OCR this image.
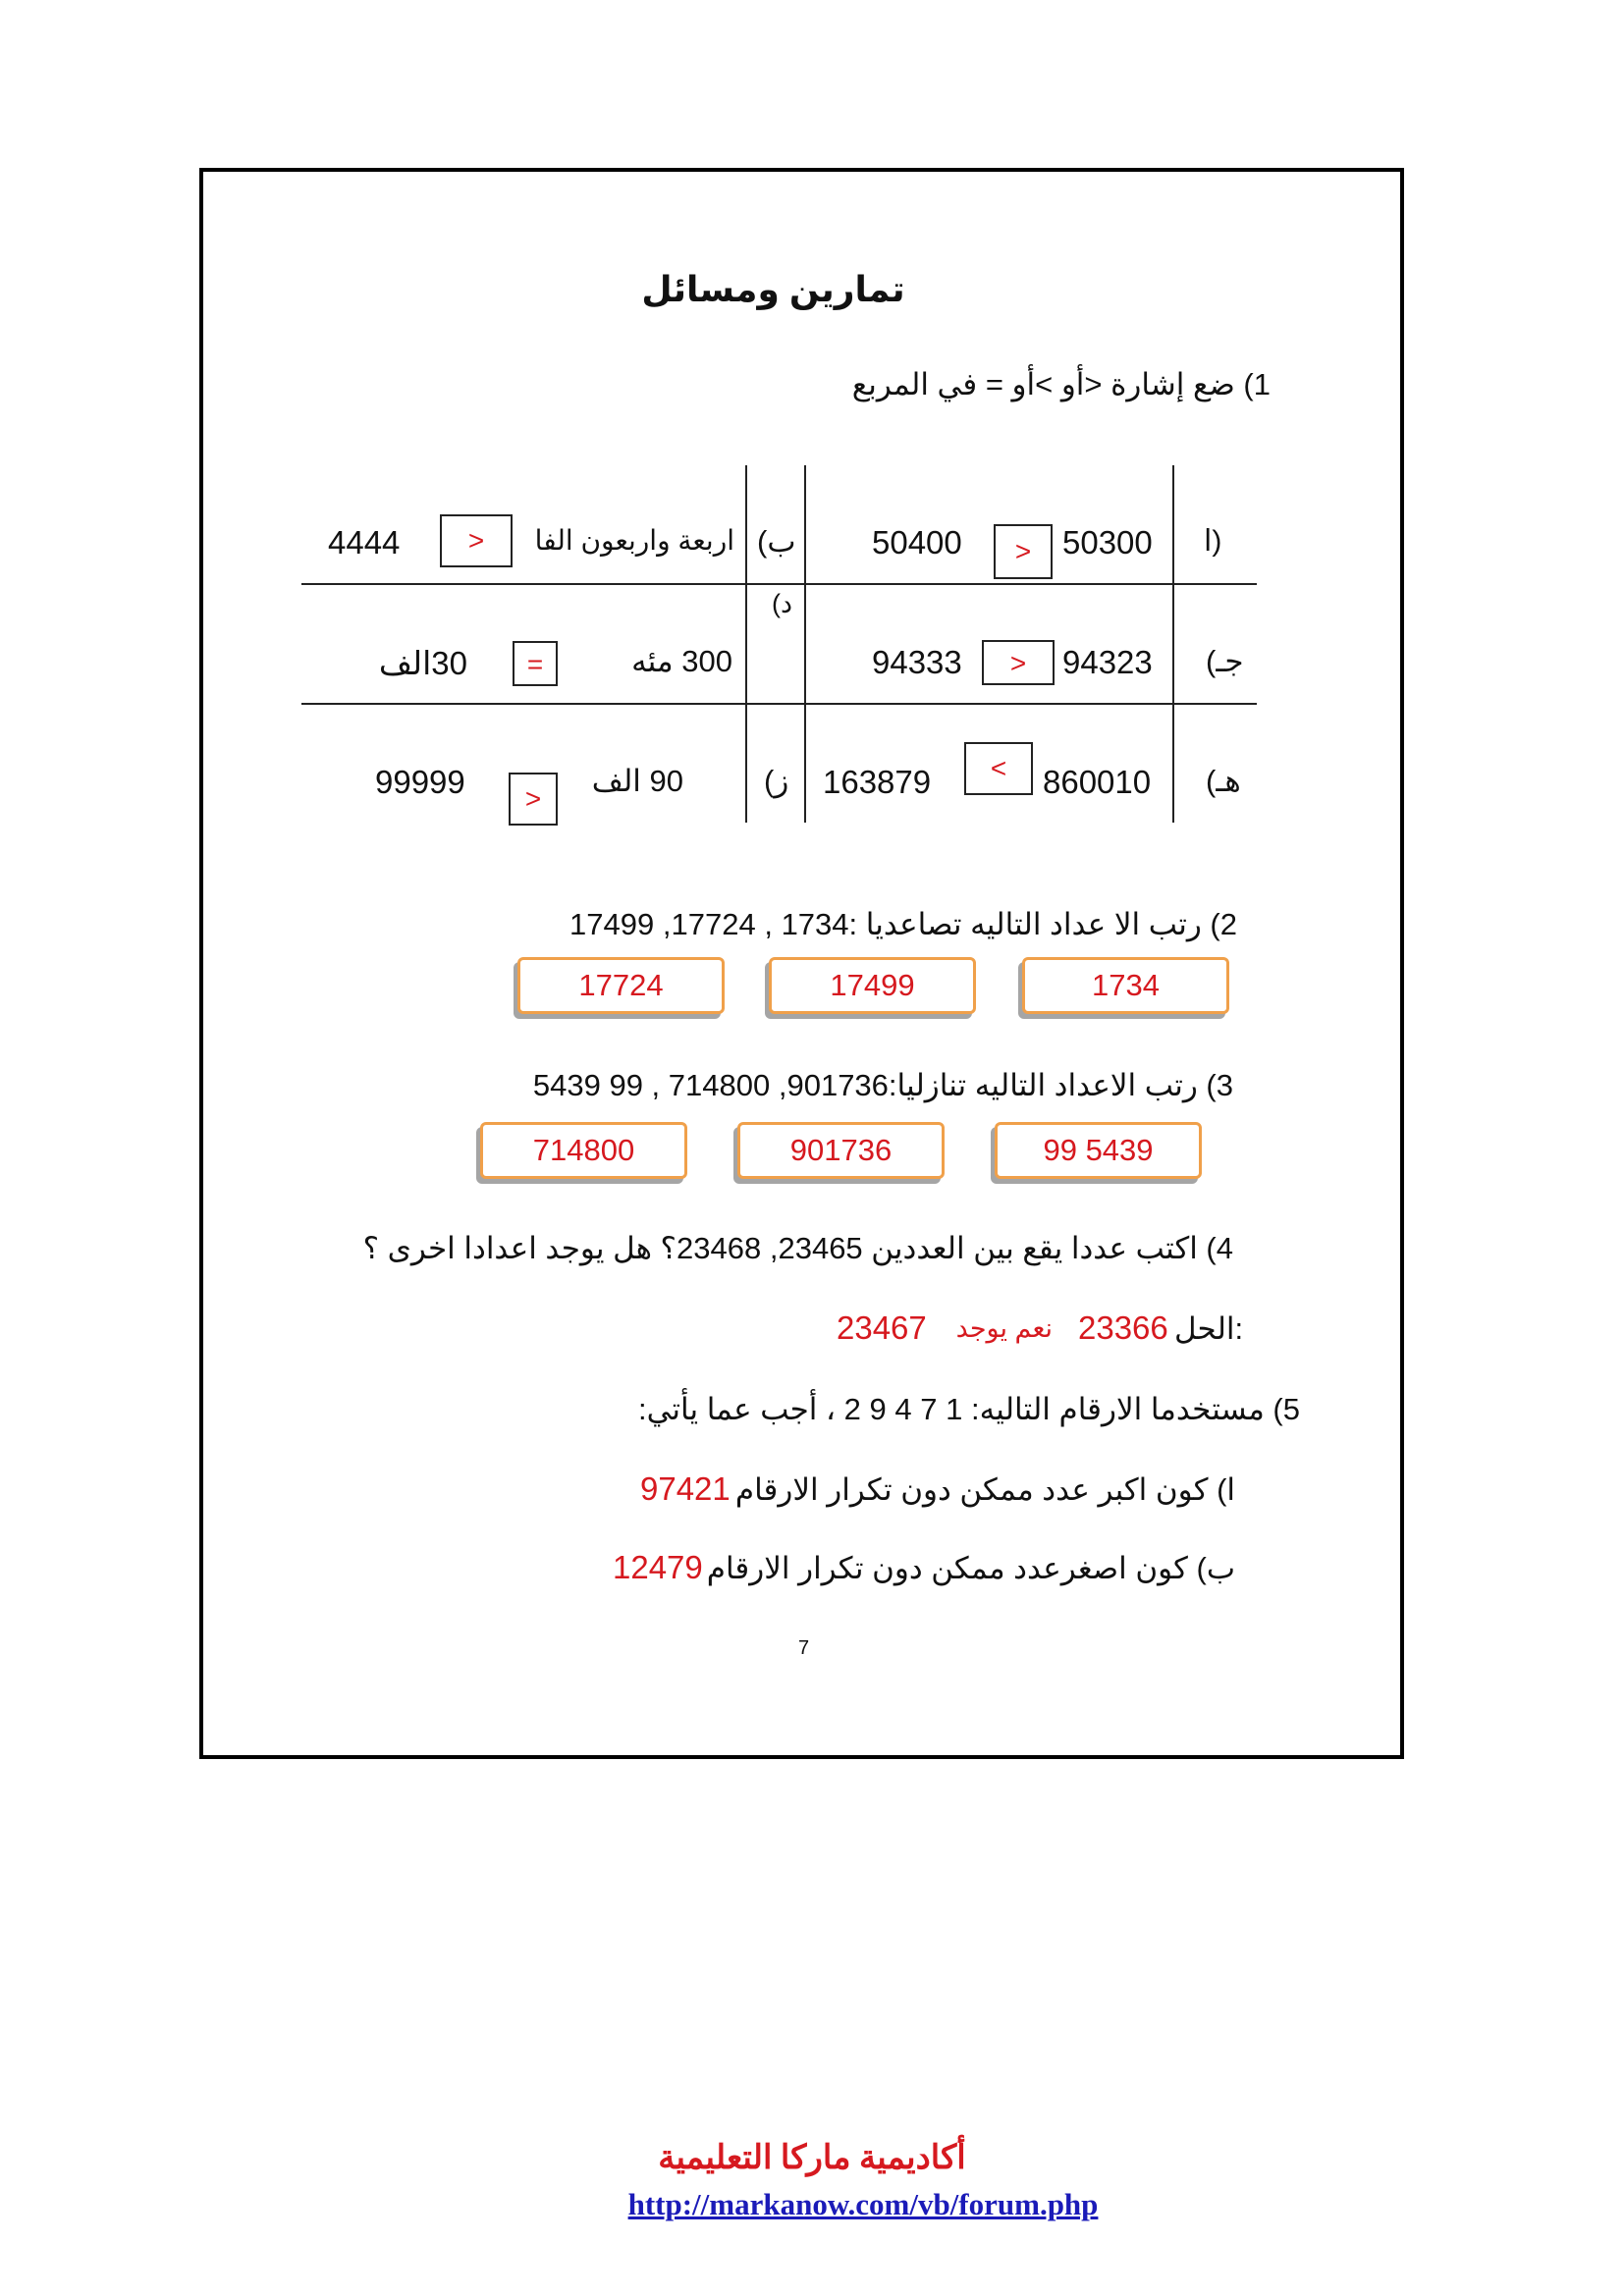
تمارين ومسائل
1) ضع إشارة <أو >أو = في المربع
ا)
50300
>
50400
ب)
اربعة واربعون الفا
>
4444
د)
جـ)
94323
>
94333
300 مئه
=
30الف
هـ)
860010
<
163879
ز)
90 الف
>
99999
2) رتب الا عداد التاليه تصاعديا :1734 , 17724, 17499
1734
17499
17724
3) رتب الاعداد التاليه تنازليا:901736, 714800 , 99 5439
99 5439
901736
714800
4) اكتب عددا يقع بين العددين 23465, 23468؟ هل يوجد اعدادا اخرى ؟
الحل:
23366
نعم يوجد
23467
5) مستخدما الارقام التاليه: 1 7 4 9 2 ، أجب عما يأتي:
ا) كون اكبر عدد ممكن دون تكرار الارقام
97421
ب) كون اصغرعدد ممكن دون تكرار الارقام
12479
7
أكاديمية ماركا التعليمية
http://markanow.com/vb/forum.php
